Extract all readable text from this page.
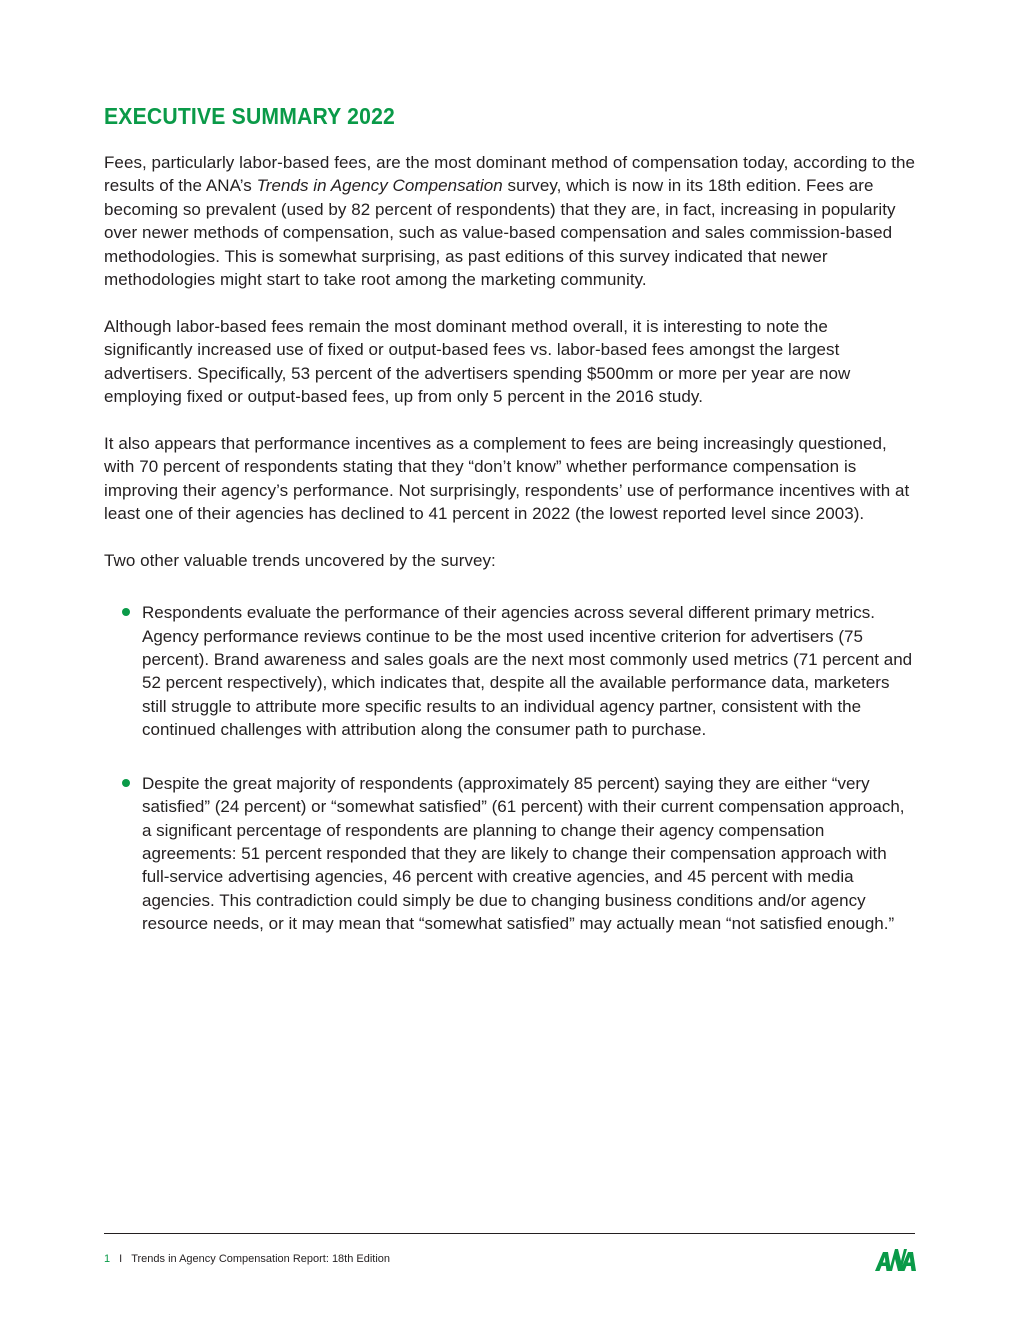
EXECUTIVE SUMMARY 2022

Fees, particularly labor-based fees, are the most dominant method of compensation today, according to the results of the ANA’s Trends in Agency Compensation survey, which is now in its 18th edition. Fees are becoming so prevalent (used by 82 percent of respondents) that they are, in fact, increasing in popularity over newer methods of compensation, such as value-based compensation and sales commission-based methodologies. This is somewhat surprising, as past editions of this survey indicated that newer methodologies might start to take root among the marketing community.

Although labor-based fees remain the most dominant method overall, it is interesting to note the significantly increased use of fixed or output-based fees vs. labor-based fees amongst the largest advertisers. Specifically, 53 percent of the advertisers spending $500mm or more per year are now employing fixed or output-based fees, up from only 5 percent in the 2016 study.

It also appears that performance incentives as a complement to fees are being increasingly questioned, with 70 percent of respondents stating that they “don’t know” whether performance compensation is improving their agency’s performance. Not surprisingly, respondents’ use of performance incentives with at least one of their agencies has declined to 41 percent in 2022 (the lowest reported level since 2003).

Two other valuable trends uncovered by the survey:

Respondents evaluate the performance of their agencies across several different primary metrics. Agency performance reviews continue to be the most used incentive criterion for advertisers (75 percent). Brand awareness and sales goals are the next most commonly used metrics (71 percent and 52 percent respectively), which indicates that, despite all the available performance data, marketers still struggle to attribute more specific results to an individual agency partner, consistent with the continued challenges with attribution along the consumer path to purchase.
Despite the great majority of respondents (approximately 85 percent) saying they are either “very satisfied” (24 percent) or “somewhat satisfied” (61 percent) with their current compensation approach, a significant percentage of respondents are planning to change their agency compensation agreements: 51 percent responded that they are likely to change their compensation approach with full-service advertising agencies, 46 percent with creative agencies, and 45 percent with media agencies. This contradiction could simply be due to changing business conditions and/or agency resource needs, or it may mean that “somewhat satisfied” may actually mean “not satisfied enough.”
1 I Trends in Agency Compensation Report: 18th Edition
